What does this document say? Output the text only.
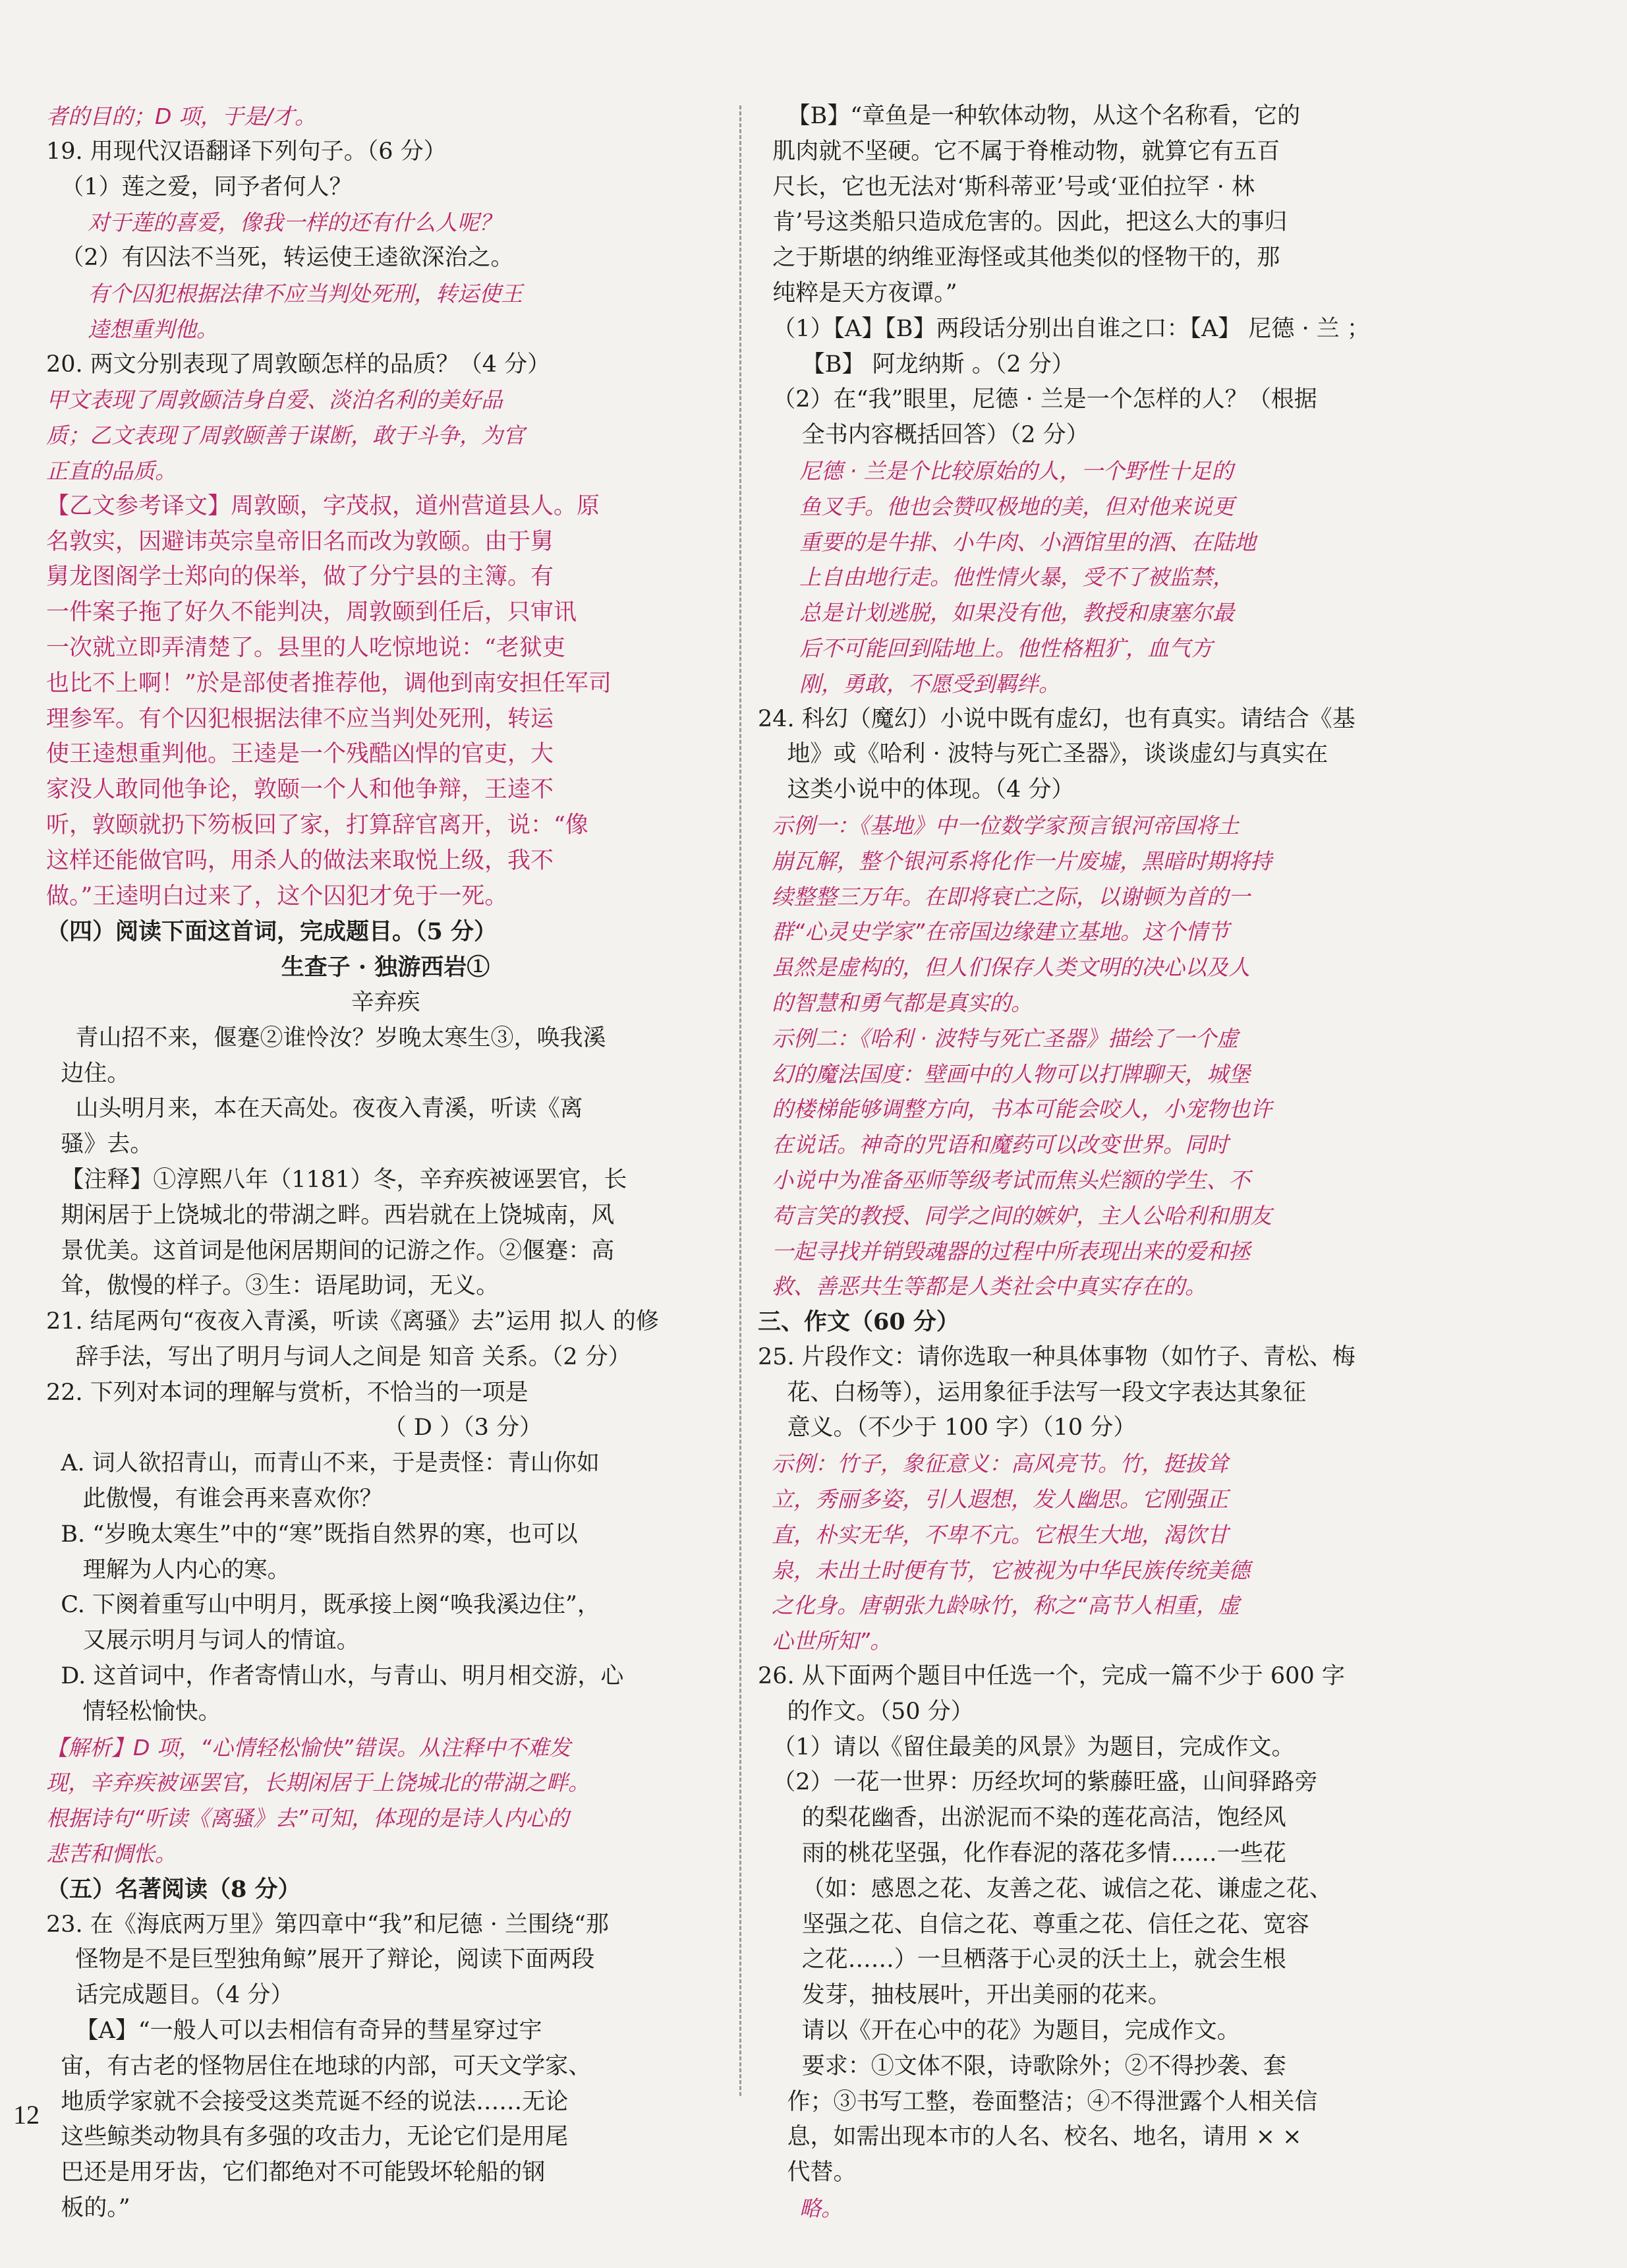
者的目的；D 项，于是/才。

19. 用现代汉语翻译下列句子。（6 分）

（1）莲之爱，同予者何人？

对于莲的喜爱，像我一样的还有什么人呢？

（2）有囚法不当死，转运使王逵欲深治之。

有个囚犯根据法律不应当判处死刑，转运使王

逵想重判他。

20. 两文分别表现了周敦颐怎样的品质？（4 分）

甲文表现了周敦颐洁身自爱、淡泊名利的美好品

质；乙文表现了周敦颐善于谋断，敢于斗争，为官

正直的品质。

【乙文参考译文】周敦颐，字茂叔，道州营道县人。原

名敦实，因避讳英宗皇帝旧名而改为敦颐。由于舅

舅龙图阁学士郑向的保举，做了分宁县的主簿。有

一件案子拖了好久不能判决，周敦颐到任后，只审讯

一次就立即弄清楚了。县里的人吃惊地说：“老狱吏

也比不上啊！”於是部使者推荐他，调他到南安担任军司

理参军。有个囚犯根据法律不应当判处死刑，转运

使王逵想重判他。王逵是一个残酷凶悍的官吏，大

家没人敢同他争论，敦颐一个人和他争辩，王逵不

听，敦颐就扔下笏板回了家，打算辞官离开，说：“像

这样还能做官吗，用杀人的做法来取悦上级，我不

做。”王逵明白过来了，这个囚犯才免于一死。

（四）阅读下面这首词，完成题目。（5 分）

生查子 · 独游西岩①

辛弃疾

青山招不来，偃蹇②谁怜汝？岁晚太寒生③，唤我溪

边住。

山头明月来，本在天高处。夜夜入青溪，听读《离

骚》去。

【注释】①淳熙八年（1181）冬，辛弃疾被诬罢官，长

期闲居于上饶城北的带湖之畔。西岩就在上饶城南，风

景优美。这首词是他闲居期间的记游之作。②偃蹇：高

耸，傲慢的样子。③生：语尾助词，无义。

21. 结尾两句“夜夜入青溪，听读《离骚》去”运用 拟人 的修

辞手法，写出了明月与词人之间是 知音 关系。（2 分）

22. 下列对本词的理解与赏析，不恰当的一项是

（ D ）（3 分）

A. 词人欲招青山，而青山不来，于是责怪：青山你如

此傲慢，有谁会再来喜欢你？

B. “岁晚太寒生”中的“寒”既指自然界的寒，也可以

理解为人内心的寒。

C. 下阕着重写山中明月，既承接上阕“唤我溪边住”，

又展示明月与词人的情谊。

D. 这首词中，作者寄情山水，与青山、明月相交游，心

情轻松愉快。

【解析】D 项，“心情轻松愉快”错误。从注释中不难发

现，辛弃疾被诬罢官，长期闲居于上饶城北的带湖之畔。

根据诗句“听读《离骚》去”可知，体现的是诗人内心的

悲苦和惆怅。

（五）名著阅读（8 分）

23. 在《海底两万里》第四章中“我”和尼德 · 兰围绕“那

怪物是不是巨型独角鲸”展开了辩论，阅读下面两段

话完成题目。（4 分）

【A】“一般人可以去相信有奇异的彗星穿过宇

宙，有古老的怪物居住在地球的内部，可天文学家、

地质学家就不会接受这类荒诞不经的说法……无论

这些鲸类动物具有多强的攻击力，无论它们是用尾

巴还是用牙齿，它们都绝对不可能毁坏轮船的钢

板的。”

【B】“章鱼是一种软体动物，从这个名称看，它的

肌肉就不坚硬。它不属于脊椎动物，就算它有五百

尺长，它也无法对‘斯科蒂亚’号或‘亚伯拉罕 · 林

肯’号这类船只造成危害的。因此，把这么大的事归

之于斯堪的纳维亚海怪或其他类似的怪物干的，那

纯粹是天方夜谭。”

（1）【A】【B】两段话分别出自谁之口：【A】 尼德 · 兰 ；

【B】 阿龙纳斯 。（2 分）

（2）在“我”眼里，尼德 · 兰是一个怎样的人？（根据

全书内容概括回答）（2 分）

尼德 · 兰是个比较原始的人，一个野性十足的

鱼叉手。他也会赞叹极地的美，但对他来说更

重要的是牛排、小牛肉、小酒馆里的酒、在陆地

上自由地行走。他性情火暴，受不了被监禁，

总是计划逃脱，如果没有他，教授和康塞尔最

后不可能回到陆地上。他性格粗犷，血气方

刚，勇敢，不愿受到羁绊。

24. 科幻（魔幻）小说中既有虚幻，也有真实。请结合《基

地》或《哈利 · 波特与死亡圣器》，谈谈虚幻与真实在

这类小说中的体现。（4 分）

示例一：《基地》中一位数学家预言银河帝国将土

崩瓦解，整个银河系将化作一片废墟，黑暗时期将持

续整整三万年。在即将衰亡之际，以谢顿为首的一

群“心灵史学家”在帝国边缘建立基地。这个情节

虽然是虚构的，但人们保存人类文明的决心以及人

的智慧和勇气都是真实的。

示例二：《哈利 · 波特与死亡圣器》描绘了一个虚

幻的魔法国度：壁画中的人物可以打牌聊天，城堡

的楼梯能够调整方向，书本可能会咬人，小宠物也许

在说话。神奇的咒语和魔药可以改变世界。同时

小说中为准备巫师等级考试而焦头烂额的学生、不

苟言笑的教授、同学之间的嫉妒，主人公哈利和朋友

一起寻找并销毁魂器的过程中所表现出来的爱和拯

救、善恶共生等都是人类社会中真实存在的。

三、作文（60 分）

25. 片段作文：请你选取一种具体事物（如竹子、青松、梅

花、白杨等），运用象征手法写一段文字表达其象征

意义。（不少于 100 字）（10 分）

示例：竹子，象征意义：高风亮节。竹，挺拔耸

立，秀丽多姿，引人遐想，发人幽思。它刚强正

直，朴实无华，不卑不亢。它根生大地，渴饮甘

泉，未出土时便有节，它被视为中华民族传统美德

之化身。唐朝张九龄咏竹，称之“高节人相重，虚

心世所知”。

26. 从下面两个题目中任选一个，完成一篇不少于 600 字

的作文。（50 分）

（1）请以《留住最美的风景》为题目，完成作文。

（2）一花一世界：历经坎坷的紫藤旺盛，山间驿路旁

的梨花幽香，出淤泥而不染的莲花高洁，饱经风

雨的桃花坚强，化作春泥的落花多情……一些花

（如：感恩之花、友善之花、诚信之花、谦虚之花、

坚强之花、自信之花、尊重之花、信任之花、宽容

之花……）一旦栖落于心灵的沃土上，就会生根

发芽，抽枝展叶，开出美丽的花来。

请以《开在心中的花》为题目，完成作文。

要求：①文体不限，诗歌除外；②不得抄袭、套

作；③书写工整，卷面整洁；④不得泄露个人相关信

息，如需出现本市的人名、校名、地名，请用 × ×

代替。

略。

12
